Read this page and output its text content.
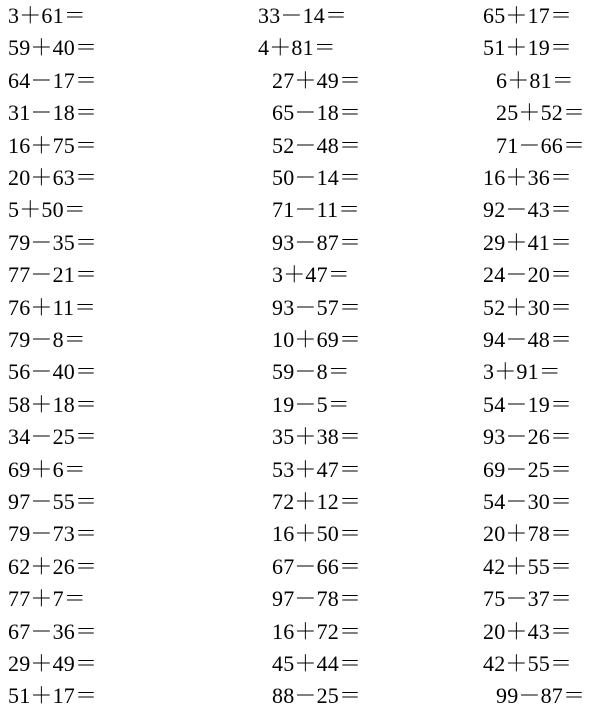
3＋61＝	33－14＝	65＋17＝
59＋40＝	4＋81＝	51＋19＝
64－17＝	27＋49＝	6＋81＝
31－18＝	65－18＝	25＋52＝
16＋75＝	52－48＝	71－66＝
20＋63＝	50－14＝	16＋36＝
5＋50＝	71－11＝	92－43＝
79－35＝	93－87＝	29＋41＝
77－21＝	3＋47＝	24－20＝
76＋11＝	93－57＝	52＋30＝
79－8＝	10＋69＝	94－48＝
56－40＝	59－8＝	3＋91＝
58＋18＝	19－5＝	54－19＝
34－25＝	35＋38＝	93－26＝
69＋6＝	53＋47＝	69－25＝
97－55＝	72＋12＝	54－30＝
79－73＝	16＋50＝	20＋78＝
62＋26＝	67－66＝	42＋55＝
77＋7＝	97－78＝	75－37＝
67－36＝	16＋72＝	20＋43＝
29＋49＝	45＋44＝	42＋55＝
51＋17＝	88－25＝	99－87＝
